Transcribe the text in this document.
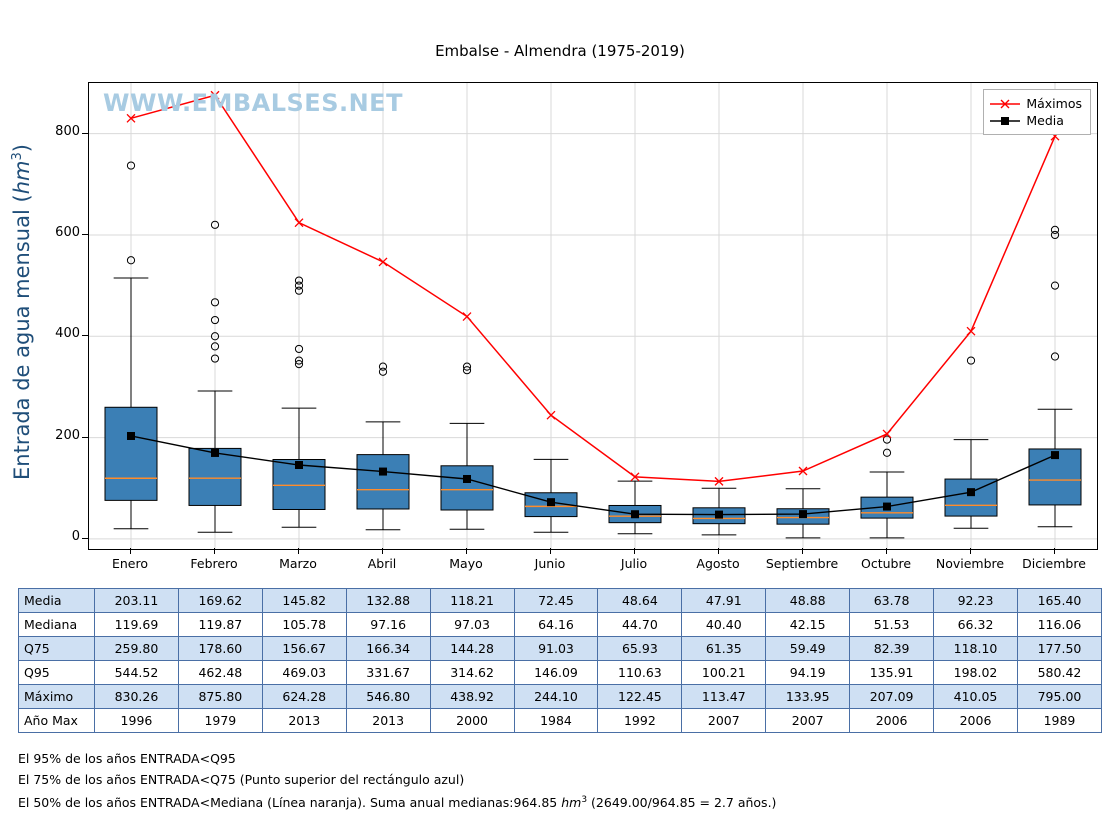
Embalse - Almendra (1975-2019)
Entrada de agua mensual $(hm^3)$
WWW.EMBALSES.NET	Máximos
Media
0
200
400
600
800
Enero	Febrero	Marzo	Abril	Mayo	Junio	Julio	Agosto	Septiembre	Octubre	Noviembre	Diciembre
Media	203.11	169.62	145.82	132.88	118.21	72.45	48.64	47.91	48.88	63.78	92.23	165.40
Mediana	119.69	119.87	105.78	97.16	97.03	64.16	44.70	40.40	42.15	51.53	66.32	116.06
Q75	259.80	178.60	156.67	166.34	144.28	91.03	65.93	61.35	59.49	82.39	118.10	177.50
Q95	544.52	462.48	469.03	331.67	314.62	146.09	110.63	100.21	94.19	135.91	198.02	580.42
Máximo	830.26	875.80	624.28	546.80	438.92	244.10	122.45	113.47	133.95	207.09	410.05	795.00
Año Max	1996	1979	2013	2013	2000	1984	1992	2007	2007	2006	2006	1989
El 95% de los años ENTRADA<Q95
El 75% de los años ENTRADA<Q75 (Punto superior del rectángulo azul)
El 50% de los años ENTRADA<Mediana (Línea naranja). Suma anual medianas:964.85 $hm^3$ (2649.00/964.85 = 2.7 años.)
